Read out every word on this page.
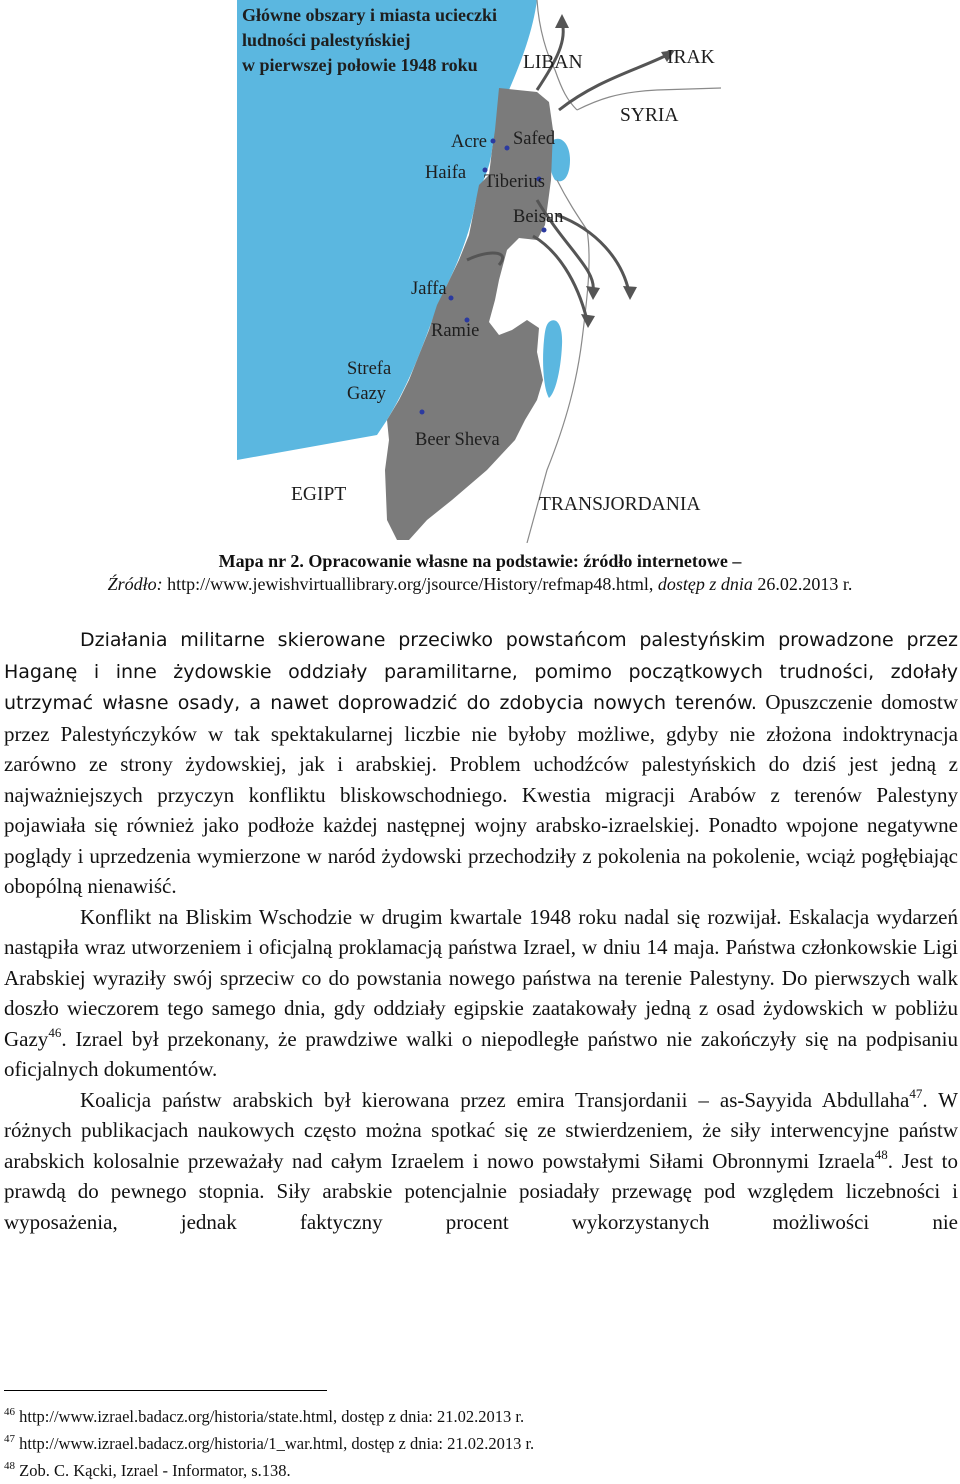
Główne obszary i miasta ucieczki
ludności palestyńskiej
w pierwszej połowie 1948 roku LIBAN	IRAK
SYRIA
Acre Safed
Haifa Tiberius
Beisan
Jaffa
Ramie
Strefa
Gazy
Beer Sheva
EGIPT	TRANSJORDANIA
Mapa nr 2. Opracowanie własne na podstawie: źródło internetowe –
Źródło: http://www.jewishvirtuallibrary.org/jsource/History/refmap48.html, dostęp z dnia 26.02.2013 r.

Działania militarne skierowane przeciwko powstańcom palestyńskim prowadzone przez Haganę i inne żydowskie oddziały paramilitarne, pomimo początkowych trudności, zdołały utrzymać własne osady, a nawet doprowadzić do zdobycia nowych terenów. Opuszczenie domostw przez Palestyńczyków w tak spektakularnej liczbie nie byłoby możliwe, gdyby nie złożona indoktrynacja zarówno ze strony żydowskiej, jak i arabskiej. Problem uchodźców palestyńskich do dziś jest jedną z najważniejszych przyczyn konfliktu bliskowschodniego. Kwestia migracji Arabów z terenów Palestyny pojawiała się również jako podłoże każdej następnej wojny arabsko-izraelskiej. Ponadto wpojone negatywne poglądy i uprzedzenia wymierzone w naród żydowski przechodziły z pokolenia na pokolenie, wciąż pogłębiając obopólną nienawiść.

Konflikt na Bliskim Wschodzie w drugim kwartale 1948 roku nadal się rozwijał. Eskalacja wydarzeń nastąpiła wraz utworzeniem i oficjalną proklamacją państwa Izrael, w dniu 14 maja. Państwa członkowskie Ligi Arabskiej wyraziły swój sprzeciw co do powstania nowego państwa na terenie Palestyny. Do pierwszych walk doszło wieczorem tego samego dnia, gdy oddziały egipskie zaatakowały jedną z osad żydowskich w pobliżu Gazy$^{46}$. Izrael był przekonany, że prawdziwe walki o niepodległe państwo nie zakończyły się na podpisaniu oficjalnych dokumentów.

Koalicja państw arabskich był kierowana przez emira Transjordanii – as-Sayyida Abdullaha$^{47}$. W różnych publikacjach naukowych często można spotkać się ze stwierdzeniem, że siły interwencyjne państw arabskich kolosalnie przeważały nad całym Izraelem i nowo powstałymi Siłami Obronnymi Izraela$^{48}$. Jest to prawdą do pewnego stopnia. Siły arabskie potencjalnie posiadały przewagę pod względem liczebności i wyposażenia, jednak faktyczny procent wykorzystanych możliwości nie

$^{46}$ http://www.izrael.badacz.org/historia/state.html, dostęp z dnia: 21.02.2013 r.
$^{47}$ http://www.izrael.badacz.org/historia/1_war.html, dostęp z dnia: 21.02.2013 r.
$^{48}$ Zob. C. Kącki, Izrael - Informator, s.138.
